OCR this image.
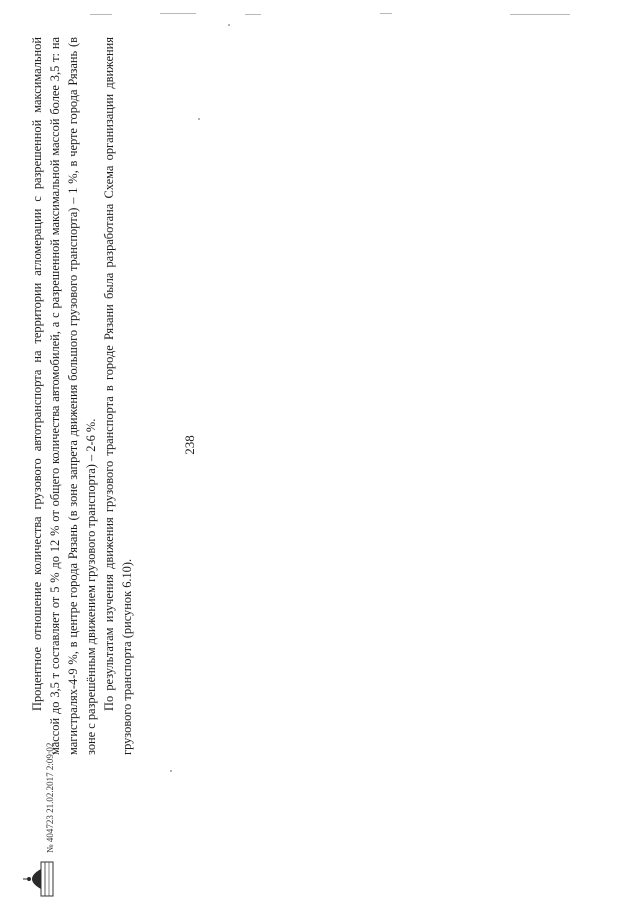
238

Процентное отношение количества грузового автотранспорта на территории агломерации с разрешенной максимальной массой до 3,5 т составляет от 5 % до 12 % от общего количества автомобилей, а с разрешенной максимальной массой более 3,5 т: на магистралях-4-9 %, в центре города Рязань (в зоне запрета движения большого грузового транспорта) – 1 %, в черте города Рязань (в зоне с разрешённым движением грузового транспорта) – 2-6 %. По результатам изучения движения грузового транспорта в городе Рязани была разработана Схема организации движения грузового транспорта (рисунок 6.10).

№ 404723 21.02.2017 2:09:02
